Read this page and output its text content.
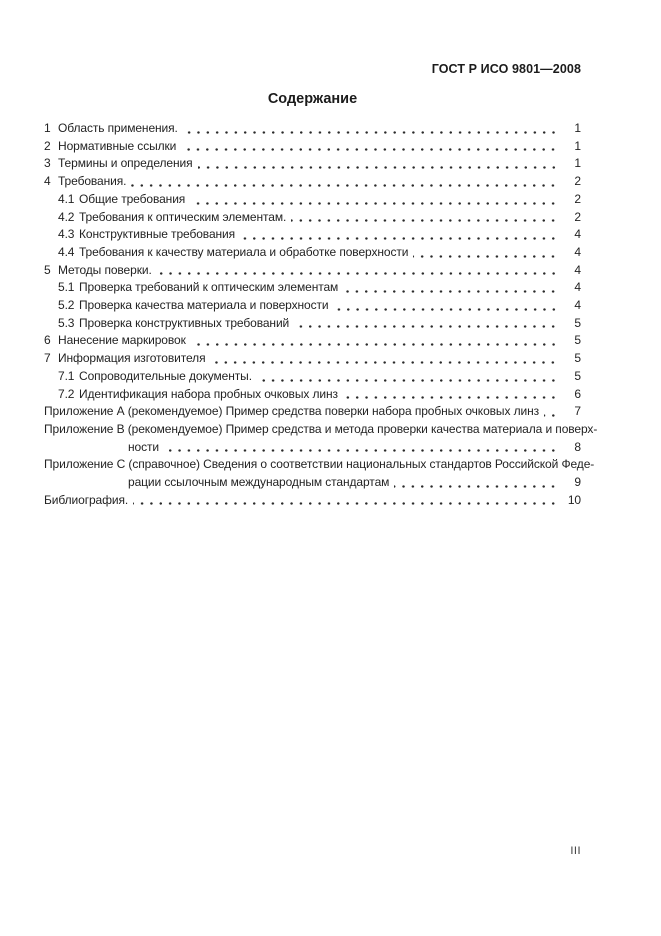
ГОСТ Р ИСО 9801—2008
Содержание
1 Область применения.	1
2 Нормативные ссылки	1
3 Термины и определения	1
4 Требования.	2
4.1 Общие требования	2
4.2 Требования к оптическим элементам.	2
4.3 Конструктивные требования	4
4.4 Требования к качеству материала и обработке поверхности	4
5 Методы поверки.	4
5.1 Проверка требований к оптическим элементам	4
5.2 Проверка качества материала и поверхности	4
5.3 Проверка конструктивных требований	5
6 Нанесение маркировок	5
7 Информация изготовителя	5
7.1 Сопроводительные документы.	5
7.2 Идентификация набора пробных очковых линз	6
Приложение А (рекомендуемое) Пример средства поверки набора пробных очковых линз	7
Приложение В (рекомендуемое) Пример средства и метода проверки качества материала и поверх-
ности	8
Приложение С (справочное) Сведения о соответствии национальных стандартов Российской Феде-
рации ссылочным международным стандартам	9
Библиография.	10
III
